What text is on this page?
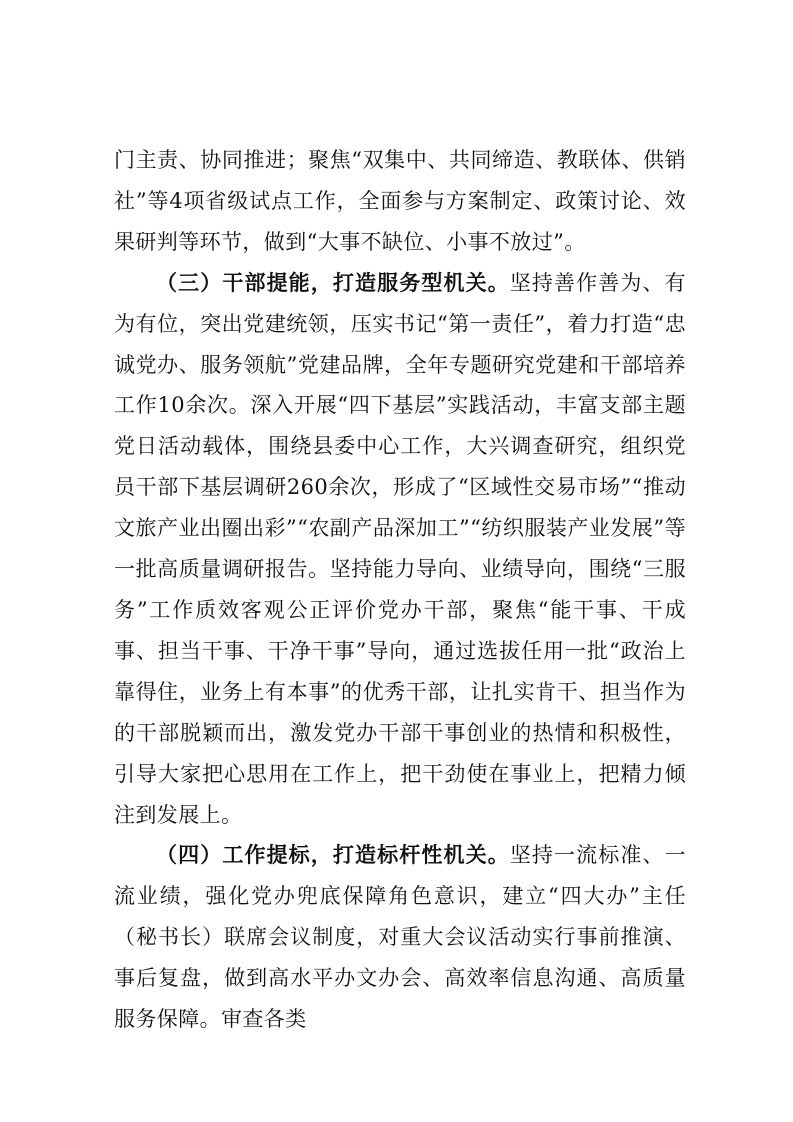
门主责、协同推进；聚焦“双集中、共同缔造、教联体、供销社”等4项省级试点工作，全面参与方案制定、政策讨论、效果研判等环节，做到“大事不缺位、小事不放过”。

（三）干部提能，打造服务型机关。坚持善作善为、有为有位，突出党建统领，压实书记“第一责任”，着力打造“忠诚党办、服务领航”党建品牌，全年专题研究党建和干部培养工作10余次。深入开展“四下基层”实践活动，丰富支部主题党日活动载体，围绕县委中心工作，大兴调查研究，组织党员干部下基层调研260余次，形成了“区域性交易市场”“推动文旅产业出圈出彩”“农副产品深加工”“纺织服装产业发展”等一批高质量调研报告。坚持能力导向、业绩导向，围绕“三服务”工作质效客观公正评价党办干部，聚焦“能干事、干成事、担当干事、干净干事”导向，通过选拔任用一批“政治上靠得住，业务上有本事”的优秀干部，让扎实肯干、担当作为的干部脱颖而出，激发党办干部干事创业的热情和积极性，引导大家把心思用在工作上，把干劲使在事业上，把精力倾注到发展上。

（四）工作提标，打造标杆性机关。坚持一流标准、一流业绩，强化党办兜底保障角色意识，建立“四大办”主任（秘书长）联席会议制度，对重大会议活动实行事前推演、事后复盘，做到高水平办文办会、高效率信息沟通、高质量服务保障。审查各类
